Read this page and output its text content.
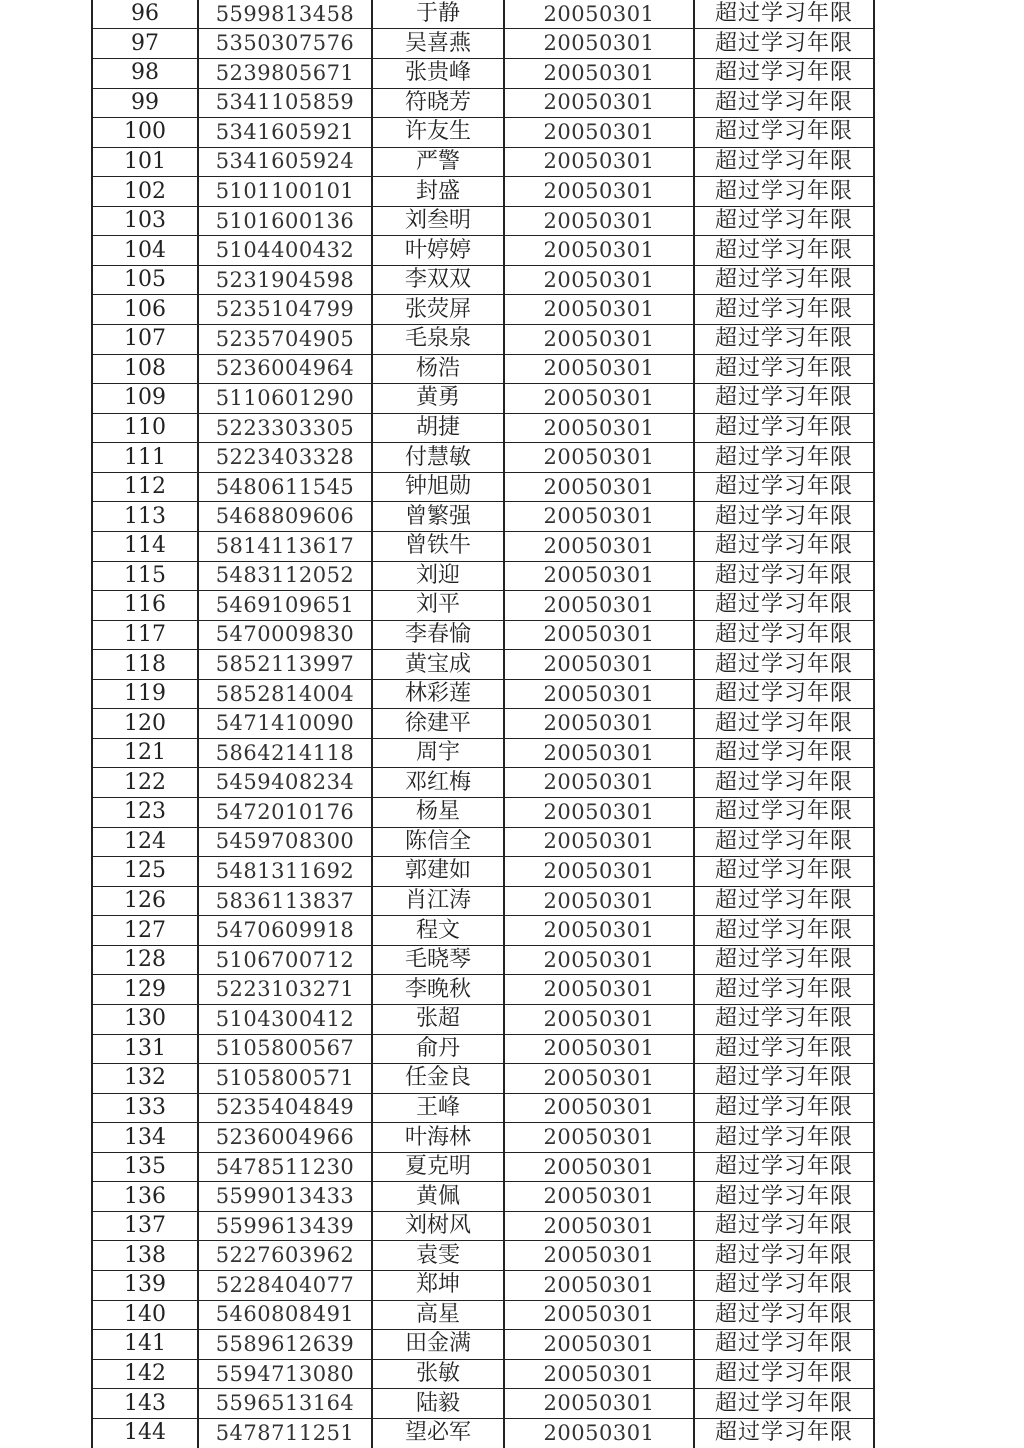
96	5599813458	于静	20050301	超过学习年限
97	5350307576	吴喜燕	20050301	超过学习年限
98	5239805671	张贵峰	20050301	超过学习年限
99	5341105859	符晓芳	20050301	超过学习年限
100	5341605921	许友生	20050301	超过学习年限
101	5341605924	严警	20050301	超过学习年限
102	5101100101	封盛	20050301	超过学习年限
103	5101600136	刘叁明	20050301	超过学习年限
104	5104400432	叶婷婷	20050301	超过学习年限
105	5231904598	李双双	20050301	超过学习年限
106	5235104799	张荧屏	20050301	超过学习年限
107	5235704905	毛泉泉	20050301	超过学习年限
108	5236004964	杨浩	20050301	超过学习年限
109	5110601290	黄勇	20050301	超过学习年限
110	5223303305	胡捷	20050301	超过学习年限
111	5223403328	付慧敏	20050301	超过学习年限
112	5480611545	钟旭勋	20050301	超过学习年限
113	5468809606	曾繁强	20050301	超过学习年限
114	5814113617	曾铁牛	20050301	超过学习年限
115	5483112052	刘迎	20050301	超过学习年限
116	5469109651	刘平	20050301	超过学习年限
117	5470009830	李春愉	20050301	超过学习年限
118	5852113997	黄宝成	20050301	超过学习年限
119	5852814004	林彩莲	20050301	超过学习年限
120	5471410090	徐建平	20050301	超过学习年限
121	5864214118	周宇	20050301	超过学习年限
122	5459408234	邓红梅	20050301	超过学习年限
123	5472010176	杨星	20050301	超过学习年限
124	5459708300	陈信全	20050301	超过学习年限
125	5481311692	郭建如	20050301	超过学习年限
126	5836113837	肖江涛	20050301	超过学习年限
127	5470609918	程文	20050301	超过学习年限
128	5106700712	毛晓琴	20050301	超过学习年限
129	5223103271	李晚秋	20050301	超过学习年限
130	5104300412	张超	20050301	超过学习年限
131	5105800567	俞丹	20050301	超过学习年限
132	5105800571	任金良	20050301	超过学习年限
133	5235404849	王峰	20050301	超过学习年限
134	5236004966	叶海林	20050301	超过学习年限
135	5478511230	夏克明	20050301	超过学习年限
136	5599013433	黄佩	20050301	超过学习年限
137	5599613439	刘树风	20050301	超过学习年限
138	5227603962	袁雯	20050301	超过学习年限
139	5228404077	郑坤	20050301	超过学习年限
140	5460808491	高星	20050301	超过学习年限
141	5589612639	田金满	20050301	超过学习年限
142	5594713080	张敏	20050301	超过学习年限
143	5596513164	陆毅	20050301	超过学习年限
144	5478711251	望必军	20050301	超过学习年限
